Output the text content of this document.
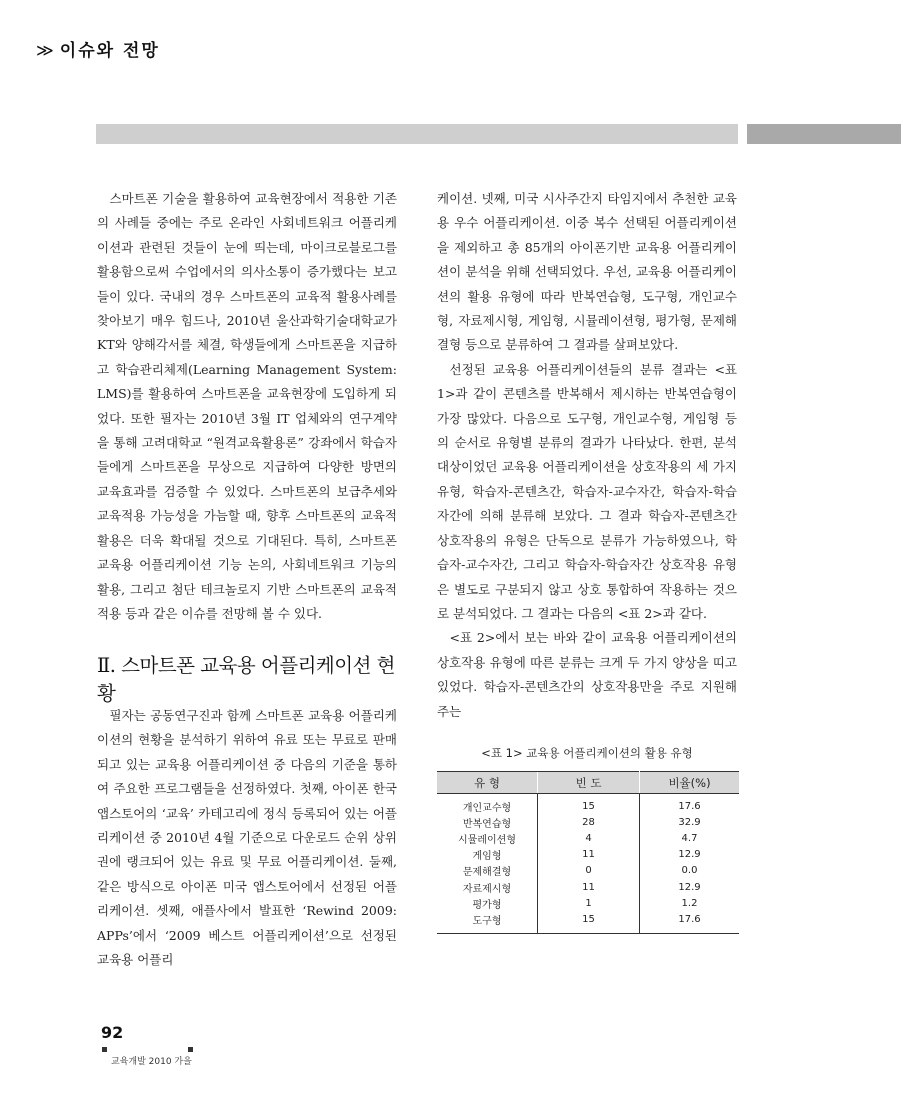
≫ 이슈와 전망

스마트폰 기술을 활용하여 교육현장에서 적용한 기존의 사례들 중에는 주로 온라인 사회네트워크 어플리케이션과 관련된 것들이 눈에 띄는데, 마이크로블로그를 활용함으로써 수업에서의 의사소통이 증가했다는 보고들이 있다. 국내의 경우 스마트폰의 교육적 활용사례를 찾아보기 매우 힘드나, 2010년 울산과학기술대학교가 KT와 양해각서를 체결, 학생들에게 스마트폰을 지급하고 학습관리체제(Learning Management System: LMS)를 활용하여 스마트폰을 교육현장에 도입하게 되었다. 또한 필자는 2010년 3월 IT 업체와의 연구계약을 통해 고려대학교 “원격교육활용론” 강좌에서 학습자들에게 스마트폰을 무상으로 지급하여 다양한 방면의 교육효과를 검증할 수 있었다. 스마트폰의 보급추세와 교육적용 가능성을 가늠할 때, 향후 스마트폰의 교육적 활용은 더욱 확대될 것으로 기대된다. 특히, 스마트폰 교육용 어플리케이션 기능 논의, 사회네트워크 기능의 활용, 그리고 첨단 테크놀로지 기반 스마트폰의 교육적 적용 등과 같은 이슈를 전망해 볼 수 있다.

Ⅱ. 스마트폰 교육용 어플리케이션 현황

필자는 공동연구진과 함께 스마트폰 교육용 어플리케이션의 현황을 분석하기 위하여 유료 또는 무료로 판매되고 있는 교육용 어플리케이션 중 다음의 기준을 통하여 주요한 프로그램들을 선정하였다. 첫째, 아이폰 한국 앱스토어의 ‘교육’ 카테고리에 정식 등록되어 있는 어플리케이션 중 2010년 4월 기준으로 다운로드 순위 상위권에 랭크되어 있는 유료 및 무료 어플리케이션. 둘째, 같은 방식으로 아이폰 미국 앱스토어에서 선정된 어플리케이션. 셋째, 애플사에서 발표한 ‘Rewind 2009: APPs’에서 ‘2009 베스트 어플리케이션’으로 선정된 교육용 어플리

케이션. 넷째, 미국 시사주간지 타임지에서 추천한 교육용 우수 어플리케이션. 이중 복수 선택된 어플리케이션을 제외하고 총 85개의 아이폰기반 교육용 어플리케이션이 분석을 위해 선택되었다. 우선, 교육용 어플리케이션의 활용 유형에 따라 반복연습형, 도구형, 개인교수형, 자료제시형, 게임형, 시뮬레이션형, 평가형, 문제해결형 등으로 분류하여 그 결과를 살펴보았다.

선정된 교육용 어플리케이션들의 분류 결과는 <표 1>과 같이 콘텐츠를 반복해서 제시하는 반복연습형이 가장 많았다. 다음으로 도구형, 개인교수형, 게임형 등의 순서로 유형별 분류의 결과가 나타났다. 한편, 분석대상이었던 교육용 어플리케이션을 상호작용의 세 가지 유형, 학습자-콘텐츠간, 학습자-교수자간, 학습자-학습자간에 의해 분류해 보았다. 그 결과 학습자-콘텐츠간 상호작용의 유형은 단독으로 분류가 가능하였으나, 학습자-교수자간, 그리고 학습자-학습자간 상호작용 유형은 별도로 구분되지 않고 상호 통합하여 작용하는 것으로 분석되었다. 그 결과는 다음의 <표 2>과 같다.

<표 2>에서 보는 바와 같이 교육용 어플리케이션의 상호작용 유형에 따른 분류는 크게 두 가지 양상을 띠고 있었다. 학습자-콘텐츠간의 상호작용만을 주로 지원해주는

<표 1> 교육용 어플리케이션의 활용 유형
유 형	빈 도	비율(%)
개인교수형	15	17.6
반복연습형	28	32.9
시뮬레이션형	4	4.7
게임형	11	12.9
문제해결형	0	0.0
자료제시형	11	12.9
평가형	1	1.2
도구형	15	17.6
92
교육개발 2010 가을
